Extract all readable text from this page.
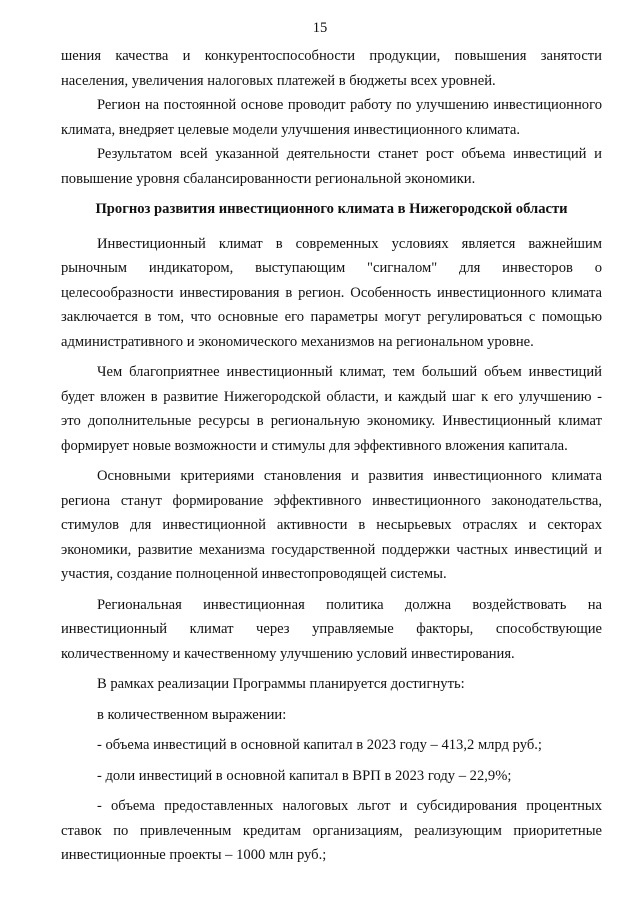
15

шения качества и конкурентоспособности продукции, повышения занятости населения, увеличения налоговых платежей в бюджеты всех уровней.

Регион на постоянной основе проводит работу по улучшению инвестиционного климата, внедряет целевые модели улучшения инвестиционного климата.

Результатом всей указанной деятельности станет рост объема инвестиций и повышение уровня сбалансированности региональной экономики.

Прогноз развития инвестиционного климата в Нижегородской области

Инвестиционный климат в современных условиях является важнейшим рыночным индикатором, выступающим "сигналом" для инвесторов о целесообразности инвестирования в регион. Особенность инвестиционного климата заключается в том, что основные его параметры могут регулироваться с помощью административного и экономического механизмов на региональном уровне.

Чем благоприятнее инвестиционный климат, тем больший объем инвестиций будет вложен в развитие Нижегородской области, и каждый шаг к его улучшению - это дополнительные ресурсы в региональную экономику. Инвестиционный климат формирует новые возможности и стимулы для эффективного вложения капитала.

Основными критериями становления и развития инвестиционного климата региона станут формирование эффективного инвестиционного законодательства, стимулов для инвестиционной активности в несырьевых отраслях и секторах экономики, развитие механизма государственной поддержки частных инвестиций и участия, создание полноценной инвестопроводящей системы.

Региональная инвестиционная политика должна воздействовать на инвестиционный климат через управляемые факторы, способствующие количественному и качественному улучшению условий инвестирования.

В рамках реализации Программы планируется достигнуть:

в количественном выражении:

- объема инвестиций в основной капитал в 2023 году – 413,2 млрд руб.;

- доли инвестиций в основной капитал в ВРП в 2023 году – 22,9%;

- объема предоставленных налоговых льгот и субсидирования процентных ставок по привлеченным кредитам организациям, реализующим приоритетные инвестиционные проекты – 1000 млн руб.;
